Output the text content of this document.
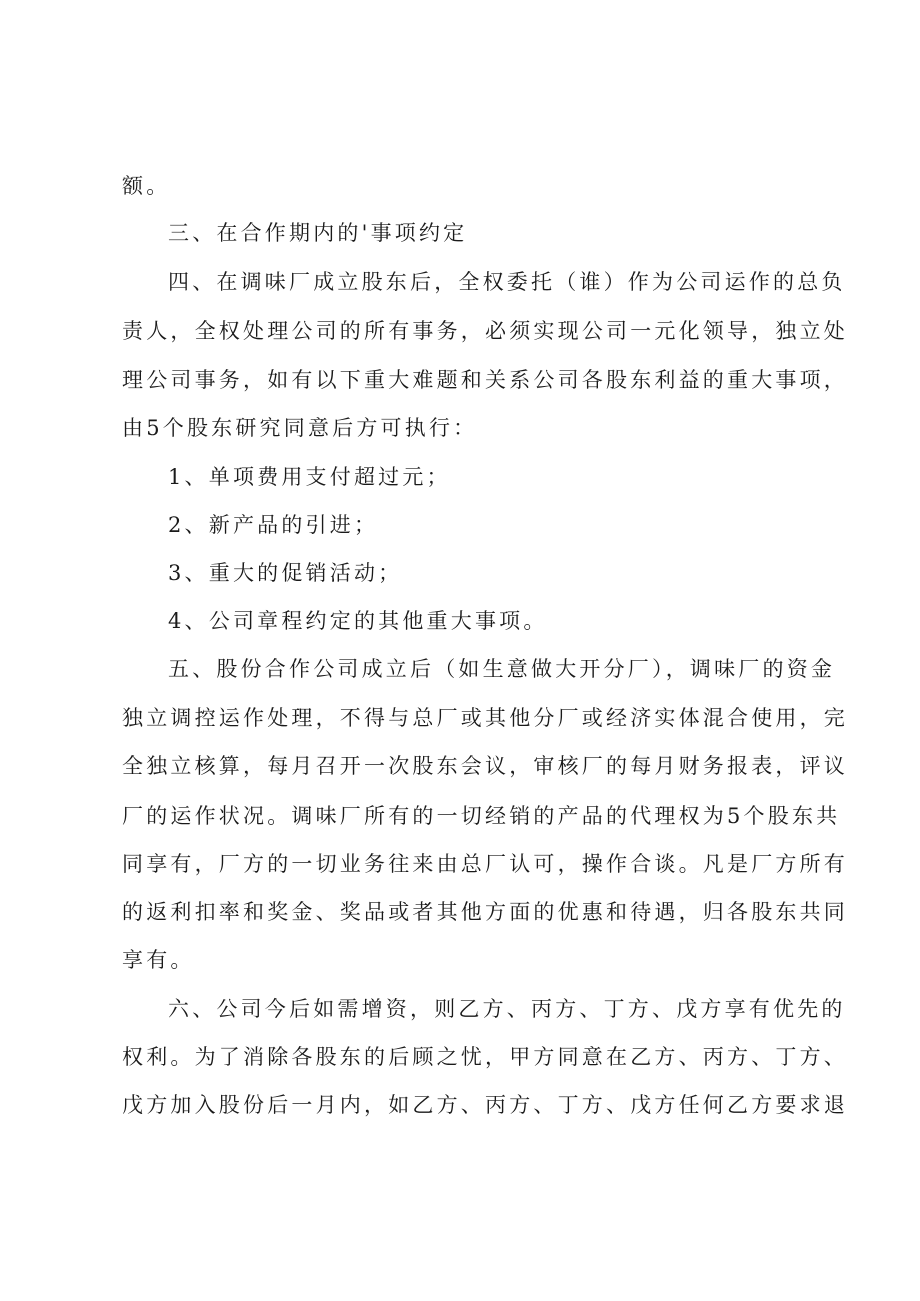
额。
三、在合作期内的'事项约定
四、在调味厂成立股东后，全权委托（谁）作为公司运作的总负
责人，全权处理公司的所有事务，必须实现公司一元化领导，独立处
理公司事务，如有以下重大难题和关系公司各股东利益的重大事项，
由5个股东研究同意后方可执行：
1、单项费用支付超过元；
2、新产品的引进；
3、重大的促销活动；
4、公司章程约定的其他重大事项。
五、股份合作公司成立后（如生意做大开分厂），调味厂的资金
独立调控运作处理，不得与总厂或其他分厂或经济实体混合使用，完
全独立核算，每月召开一次股东会议，审核厂的每月财务报表，评议
厂的运作状况。调味厂所有的一切经销的产品的代理权为5个股东共
同享有，厂方的一切业务往来由总厂认可，操作合谈。凡是厂方所有
的返利扣率和奖金、奖品或者其他方面的优惠和待遇，归各股东共同
享有。
六、公司今后如需增资，则乙方、丙方、丁方、戊方享有优先的
权利。为了消除各股东的后顾之忧，甲方同意在乙方、丙方、丁方、
戊方加入股份后一月内，如乙方、丙方、丁方、戊方任何乙方要求退
